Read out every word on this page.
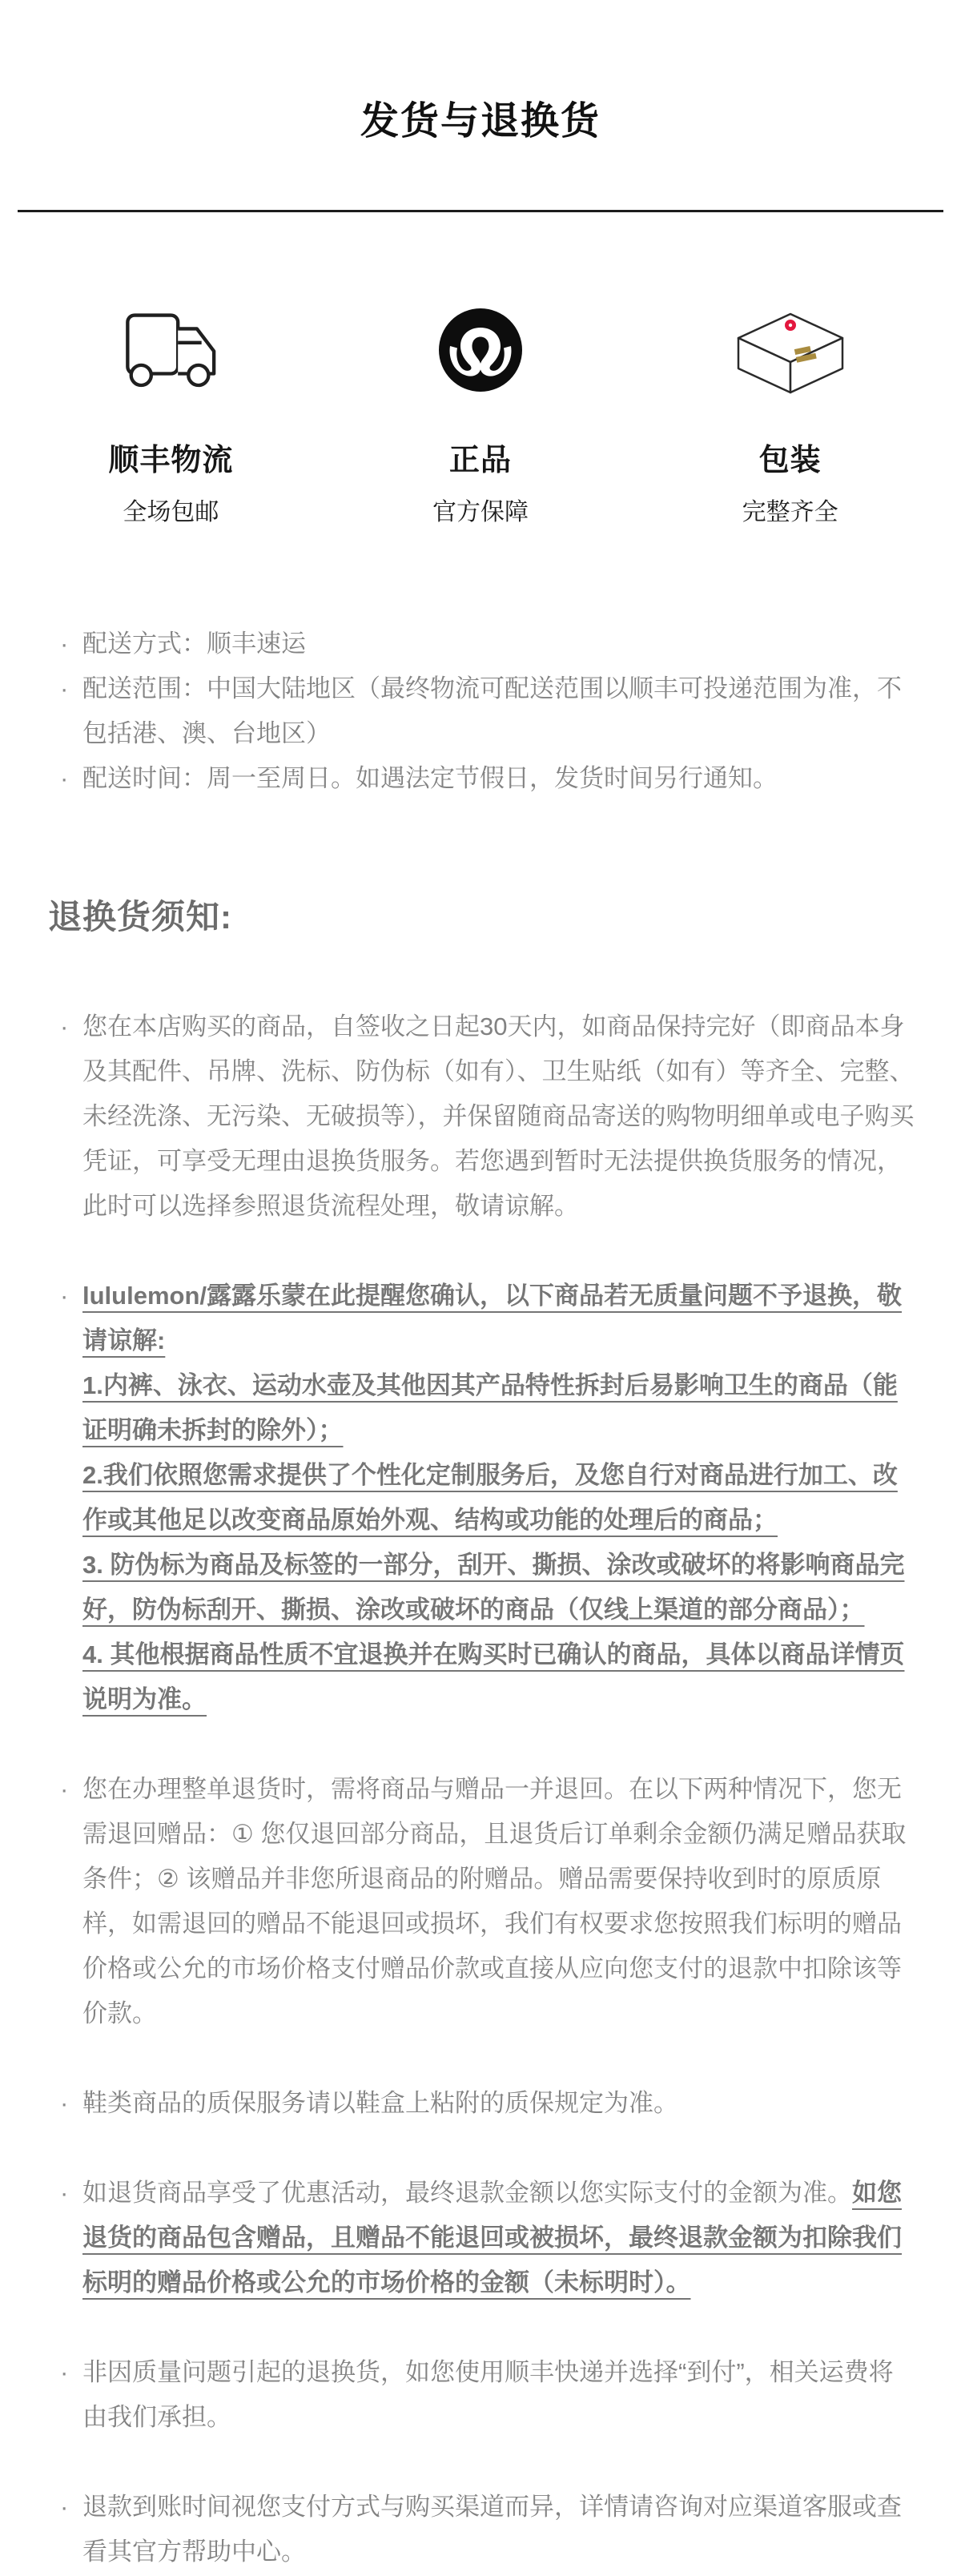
发货与退换货
顺丰物流
全场包邮
正品
官方保障
包装
完整齐全
· 配送方式：顺丰速运
· 配送范围：中国大陆地区（最终物流可配送范围以顺丰可投递范围为准，不包括港、澳、台地区）
· 配送时间：周一至周日。如遇法定节假日，发货时间另行通知。
退换货须知:
· 您在本店购买的商品，自签收之日起30天内，如商品保持完好（即商品本身及其配件、吊牌、洗标、防伪标（如有）、卫生贴纸（如有）等齐全、完整、未经洗涤、无污染、无破损等），并保留随商品寄送的购物明细单或电子购买凭证，可享受无理由退换货服务。若您遇到暂时无法提供换货服务的情况，此时可以选择参照退货流程处理，敬请谅解。
· lululemon/露露乐蒙在此提醒您确认，以下商品若无质量问题不予退换，敬请谅解:
1.内裤、泳衣、运动水壶及其他因其产品特性拆封后易影响卫生的商品（能证明确未拆封的除外）；
2.我们依照您需求提供了个性化定制服务后，及您自行对商品进行加工、改作或其他足以改变商品原始外观、结构或功能的处理后的商品；
3. 防伪标为商品及标签的一部分，刮开、撕损、涂改或破坏的将影响商品完好，防伪标刮开、撕损、涂改或破坏的商品（仅线上渠道的部分商品）；
4. 其他根据商品性质不宜退换并在购买时已确认的商品，具体以商品详情页说明为准。
· 您在办理整单退货时，需将商品与赠品一并退回。在以下两种情况下，您无需退回赠品：① 您仅退回部分商品，且退货后订单剩余金额仍满足赠品获取条件；② 该赠品并非您所退商品的附赠品。赠品需要保持收到时的原质原样，如需退回的赠品不能退回或损坏，我们有权要求您按照我们标明的赠品价格或公允的市场价格支付赠品价款或直接从应向您支付的退款中扣除该等价款。
· 鞋类商品的质保服务请以鞋盒上粘附的质保规定为准。
· 如退货商品享受了优惠活动，最终退款金额以您实际支付的金额为准。如您退货的商品包含赠品，且赠品不能退回或被损坏，最终退款金额为扣除我们标明的赠品价格或公允的市场价格的金额（未标明时）。
· 非因质量问题引起的退换货，如您使用顺丰快递并选择“到付”，相关运费将由我们承担。
· 退款到账时间视您支付方式与购买渠道而异，详情请咨询对应渠道客服或查看其官方帮助中心。
